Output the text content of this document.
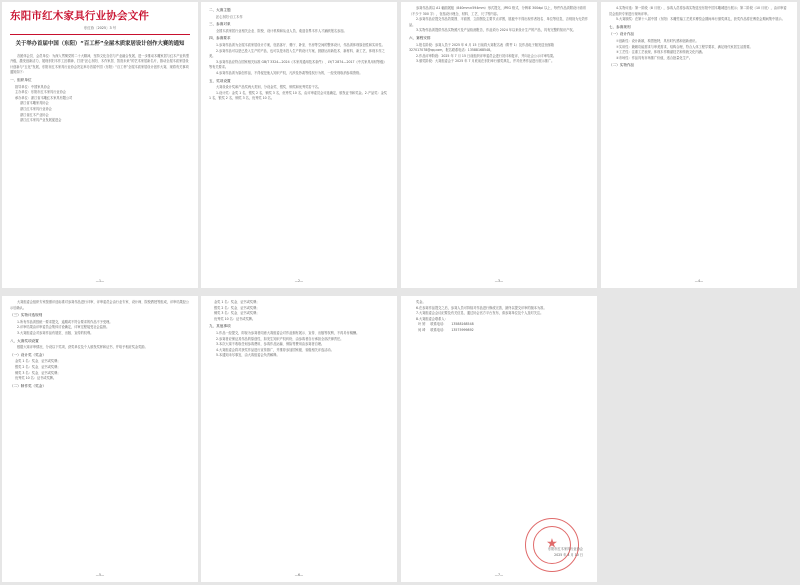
东阳市红木家具行业协会文件
东红协〔2025〕3 号
关于举办首届中国（东阳）“百工杯”全屋木质家居设计创作大赛的通知

各团体会员、会员单位：为深入贯彻党的二十大精神，坚持文化自信与产业融合发展，进一步推动木雕家居与红木产业转型升级，激发创新活力，展现东阳木作工匠精神，打造“匠心东阳、木作家居、智造未来”的艺术家居新名片，推动全屋木质家居设计创新与“五化”发展，东阳市红木家具行业协会决定举办首届中国（东阳）“百工杯”全屋木质家居设计创作大赛，现将有关事项通知如下：

一、组织单位

指导单位：中国家具协会

主办单位：东阳市红木家具行业协会

承办单位：浙江省木雕红木家具有限公司

浙江省木雕家具协会

浙江红木家具行业协会

浙江省红木产业协会

浙江红木家具产业发展促进会

—1—
二、大赛主题

匠心东阳·百工木作

三、参赛对象

全国木质家居行业相关企业、院校、设计机构和从业人员，欢迎各界木作人才踊跃报名参加。

四、参赛要求

1.参赛作品须为全屋木质家居设计方案，包括客厅、餐厅、卧室、书房等空间的整体设计，作品须体现原创性和实用性。

2.参赛作品可以是已投入生产的产品，也可以是未投入生产的设计方案，鼓励运用新技术、新材料、新工艺，体现木作之美。

3.参赛作品应符合国家相关标准 GB/T 3324—2024《木家具通用技术条件》、LY/T 2874—2017《中式家具用材等级》等有关要求。

4.参赛作品须为原创作品，不得侵犯他人知识产权，凡涉及抄袭等侵权行为的，一经发现取消参赛资格。

五、奖项设置

大赛设设计奖和产品奖两大类别，分设金奖、银奖、铜奖和优秀奖若干名。

1.设计奖：金奖 1 名，银奖 2 名，铜奖 3 名，优秀奖 10 名，由评审委员会评选确定，颁发证书和奖金。2.产品奖：金奖 1 名，银奖 2 名，铜奖 3 名，优秀奖 10 名。

—2—

参赛作品须以 A1 幅面展板（840mm×594mm）形式提交，JPEG 格式，分辨率 300dpi 以上，每件作品须附设计说明（不少于 300 字），包括设计理念、材料、工艺、尺寸等内容。

2.参赛作品应提交作品效果图、平面图、立面图及主要节点详图，展板中不得出现作者姓名、单位等信息，否则视为无效作品。

3.实物作品须提供作品实物照片及产品检测报告，作品须为 2024 年以来设计生产的产品，具有完整的知识产权。

六、赛程安排

1.报名阶段：参赛人员于 2025 年 6 月 15 日前将大赛报名表（附件 1）及作品电子版发送至邮箱 327017078@qq.com，报名联系电话：13588168548。

2.作品评审阶段：2025 年 7 月 15 日前组织评审委员会进行初评和复评，并向社会公示评审结果。

3.颁奖阶段：大赛组委会于 2025 年 7 月底前在东阳举行颁奖典礼，并对优秀作品进行展示推广。

—3—

4.实物评选：第一阶段（8 月底），参赛人员将参赛实物送至东阳中国木雕城进行展示；第二阶段（10 月底），由评审委员会组织专家进行现场评审。

5.大赛颁奖：在第十八届中国（东阳）木雕竹编工艺美术博览会期间举行颁奖典礼，获奖作品将在博览会期间集中展示。

七、参赛规则
（一）设计作品

①创新性：设计新颖，构思独特，具有时代感和创新意识。

②实用性：兼顾功能需求与审美需求，结构合理，符合人体工程学要求，满足现代家居生活需要。

③工艺性：注重工艺表现，体现木作精湛技艺和传统文化内涵。

④市场性：作品具有市场推广价值，适合批量化生产。

（二）实物作品
—4—

大赛组委会组织专家按照评选标准对参赛作品进行评审，评审委员会由行业专家、设计师、院校教授等组成，评审结果经公示后确认。

（三）实物评选规则

1.所有作品须按统一要求提交，逾期或不符合要求的作品不予受理。

2.评审结果由评审委员会集体讨论确定，评审过程接受社会监督。

3.大赛组委会对参赛作品有展览、出版、宣传的权利。

八、大赛奖项设置

根据大赛评审情况，分设以下奖项，获奖单位及个人颁发奖杯和证书，并给予相应奖金奖励。

（一）设计奖（奖金）

金奖 1 名：奖金、证书或奖牌；

银奖 2 名：奖金、证书或奖牌；

铜奖 3 名：奖金、证书或奖牌；

优秀奖 10 名：证书或奖牌。

（二）制作奖（奖金）
—5—

金奖 1 名：奖金、证书或奖牌；

银奖 2 名：奖金、证书或奖牌；

铜奖 3 名：奖金、证书或奖牌；

优秀奖 10 名：证书或奖牌。

九、其他事项

1.作品一经提交，即视为参赛者同意大赛组委会对作品拥有展示、宣传、出版等权利，不再另付稿酬。

2.参赛者应保证其作品的原创性，如发生知识产权纠纷，由参赛者自行承担全部法律责任。

3.本次大赛不收取任何参赛费用，参赛作品运输、保险等费用由参赛者自理。

4.大赛组委会将对获奖作品进行宣传推广，并推荐参加国家级、省级相关评选活动。

5.本通知未尽事宜，由大赛组委会负责解释。

—6—

奖金。

6.在参赛作品提交之后，参赛人员可持续对作品进行修改完善，最终以提交评审的版本为准。

7.大赛组委会会议纪要及有关信息，通过协会官方平台发布，请参赛单位及个人及时关注。

8.大赛组委会联系人：

叶 婷 联系电话： 13588168548
何 琦 联系电话： 13575999892
★
东阳市红木家具行业协会
2025 年 4 月 10 日
—7—
